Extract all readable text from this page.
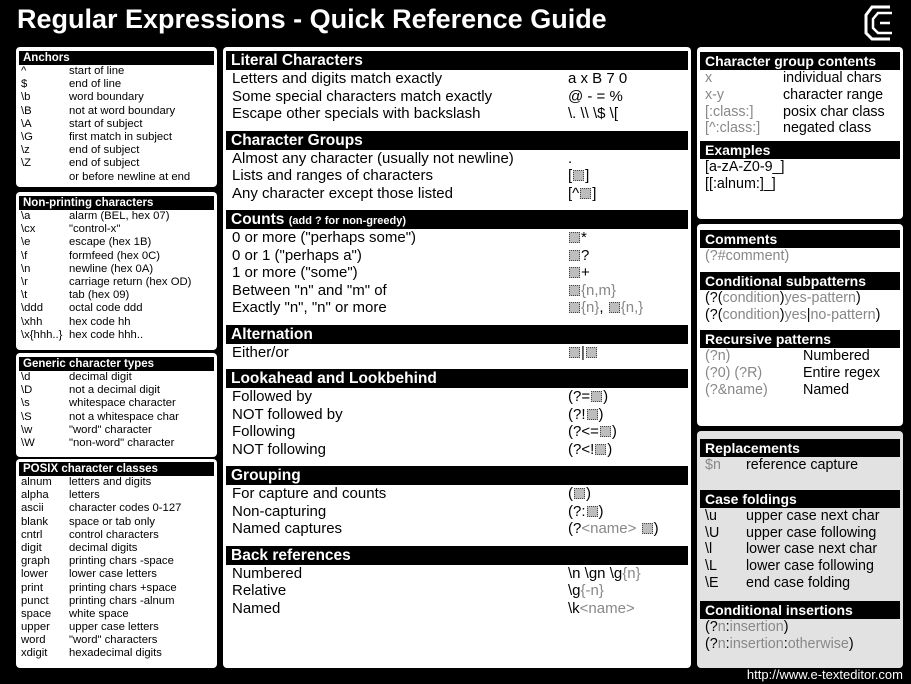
Regular Expressions - Quick Reference Guide
Anchors
^	start of line
$	end of line
\b	word boundary
\B	not at word boundary
\A	start of subject
\G	first match in subject
\z	end of subject
\Z	end of subject
or before newline at end
Non-printing characters
\a	alarm (BEL, hex 07)
\cx	"control-x"
\e	escape (hex 1B)
\f	formfeed (hex 0C)
\n	newline (hex 0A)
\r	carriage return (hex OD)
\t	tab (hex 09)
\ddd octal code ddd
\xhh hex code hh
\x{hhh..} hex code hhh..
Generic character types
\d	decimal digit
\D	not a decimal digit
\s	whitespace character
\S	not a whitespace char
\w	"word" character
\W	"non-word" character
POSIX character classes
alnum letters and digits
alpha letters
ascii character codes 0-127
blank space or tab only
cntrl control characters
digit decimal digits
graph printing chars -space
lower lower case letters
print printing chars +space
punct printing chars -alnum
space white space
upper upper case letters
word "word" characters
xdigit hexadecimal digits
Literal Characters
Letters and digits match exactly	a x B 7 0
Some special characters match exactly	@ - = %
Escape other specials with backslash	\. \\ \$ \[
Character Groups
Almost any character (usually not newline)	.
Lists and ranges of characters	[ ]
Any character except those listed	[^ ]
Counts (add ? for non-greedy)
0 or more ("perhaps some")	*
0 or 1 ("perhaps a")	?
1 or more ("some")	+
Between "n" and "m" of	{n,m}
Exactly "n", "n" or more	{n}, {n,}
Alternation
Either/or	|
Lookahead and Lookbehind
Followed by	(?= )
NOT followed by	(?! )
Following	(?<= )
NOT following	(?<! )
Grouping
For capture and counts	( )
Non-capturing	(?: )
Named captures	(?<name> )
Back references
Numbered	\n \gn \g{n}
Relative	\g{-n}
Named	\k<name>
Character group contents
x	individual chars
x-y	character range
[:class:] posix char class
[^:class:] negated class
Examples
[a-zA-Z0-9_]
[[:alnum:]_]
Comments
(?#comment)
Conditional subpatterns
(?(condition)yes-pattern)
(?(condition)yes|no-pattern)
Recursive patterns
(?n)	Numbered
(?0) (?R)	Entire regex
(?&name) Named
Replacements
$n reference capture
Case foldings
\u upper case next char
\U upper case following
\l lower case next char
\L lower case following
\E end case folding
Conditional insertions
(?n:insertion)
(?n:insertion:otherwise)
http://www.e-texteditor.com
